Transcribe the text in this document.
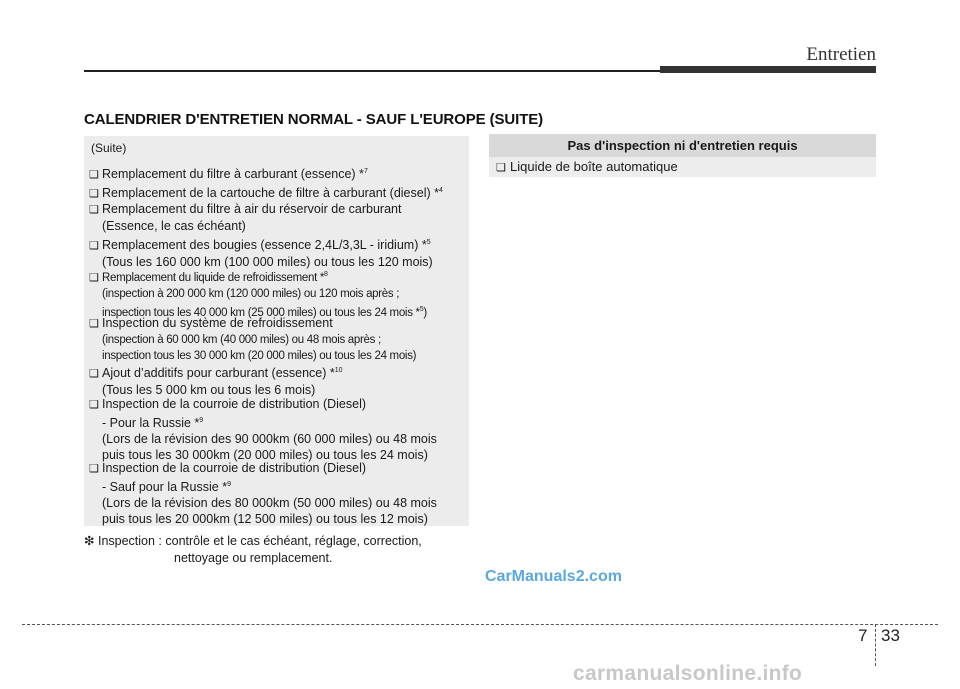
Entretien
CALENDRIER D'ENTRETIEN NORMAL - SAUF L'EUROPE (SUITE)
(Suite)
❑ Remplacement du filtre à carburant (essence) *$^7$
❑ Remplacement de la cartouche de filtre à carburant (diesel) *$^4$
❑ Remplacement du filtre à air du réservoir de carburant
(Essence, le cas échéant)
❑ Remplacement des bougies (essence 2,4L/3,3L - iridium) *$^5$
(Tous les 160 000 km (100 000 miles) ou tous les 120 mois)
❑ Remplacement du liquide de refroidissement *$^8$
(inspection à 200 000 km (120 000 miles) ou 120 mois après ;
inspection tous les 40 000 km (25 000 miles) ou tous les 24 mois *$^5$)
❑ Inspection du système de refroidissement
(inspection à 60 000 km (40 000 miles) ou 48 mois après ;
inspection tous les 30 000 km (20 000 miles) ou tous les 24 mois)
❑ Ajout d’additifs pour carburant (essence) *$^{10}$
(Tous les 5 000 km ou tous les 6 mois)
❑ Inspection de la courroie de distribution (Diesel)
- Pour la Russie *$^9$
(Lors de la révision des 90 000km (60 000 miles) ou 48 mois
puis tous les 30 000km (20 000 miles) ou tous les 24 mois)
❑ Inspection de la courroie de distribution (Diesel)
- Sauf pour la Russie *$^9$
(Lors de la révision des 80 000km (50 000 miles) ou 48 mois
puis tous les 20 000km (12 500 miles) ou tous les 12 mois)
❇ Inspection : contrôle et le cas échéant, réglage, correction,
nettoyage ou remplacement.
Pas d'inspection ni d'entretien requis
❑ Liquide de boîte automatique
CarManuals2.com
7 33
carmanualsonline.info
